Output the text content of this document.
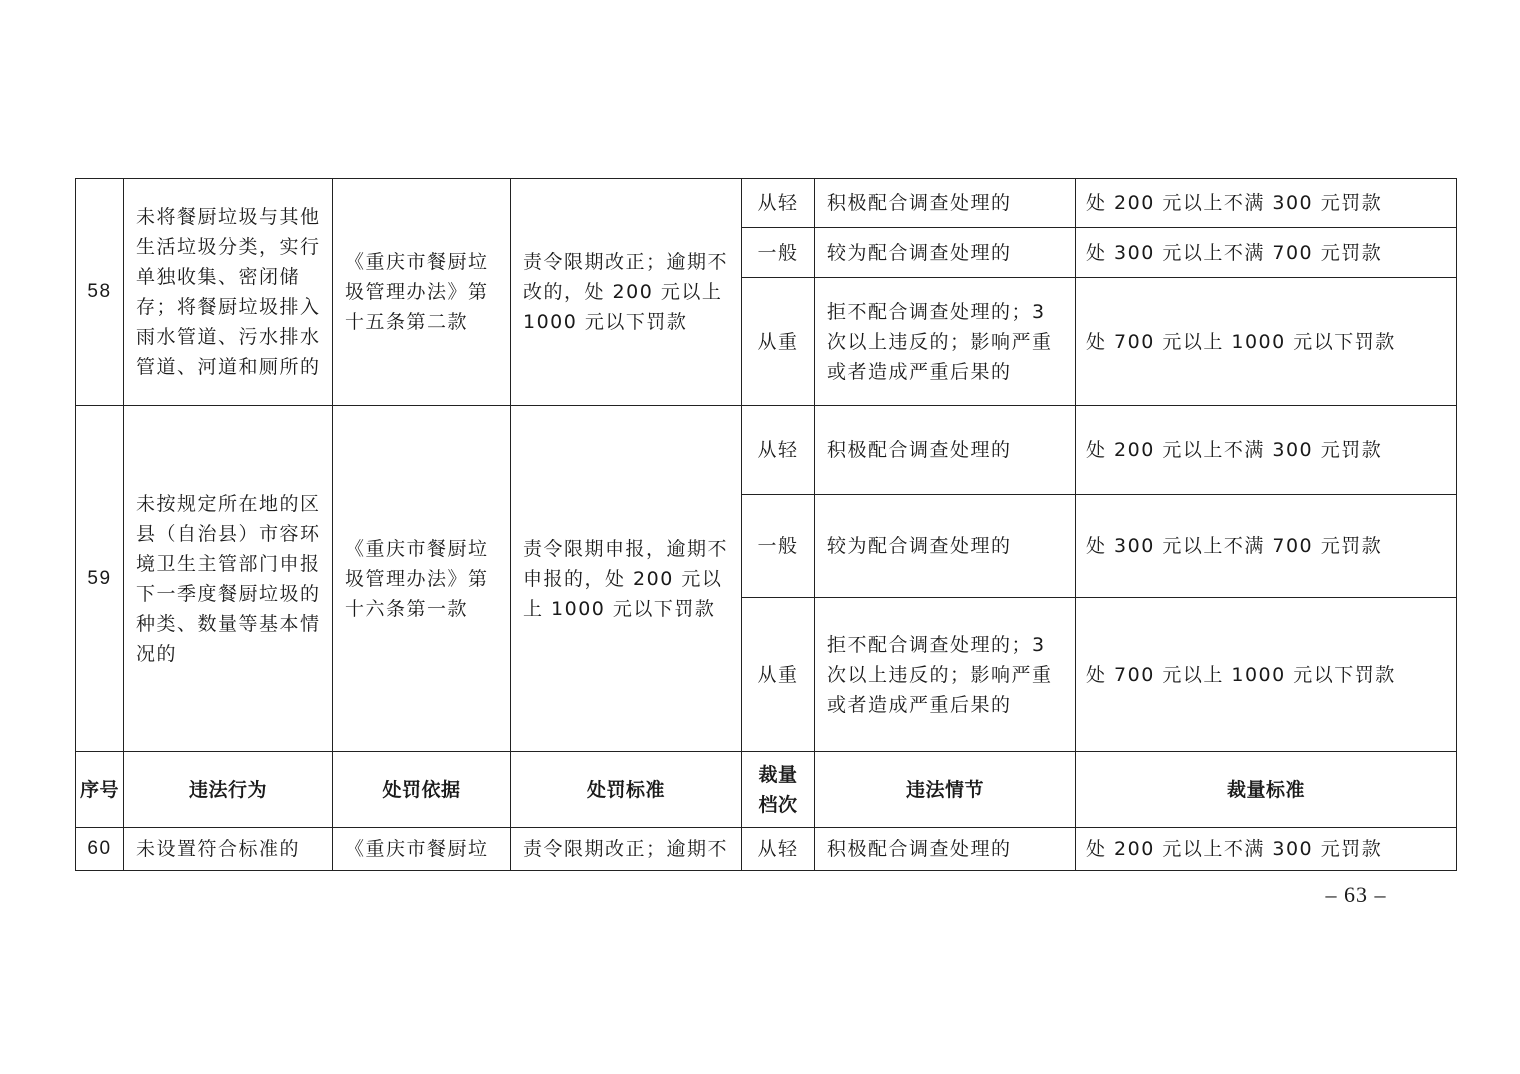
58	未将餐厨垃圾与其他生活垃圾分类，实行单独收集、密闭储存；将餐厨垃圾排入雨水管道、污水排水管道、河道和厕所的	《重庆市餐厨垃圾管理办法》第十五条第二款	责令限期改正；逾期不改的，处 200 元以上 1000 元以下罚款	从轻	积极配合调查处理的	处 200 元以上不满 300 元罚款
				一般	较为配合调查处理的	处 300 元以上不满 700 元罚款
				从重	拒不配合调查处理的；3 次以上违反的；影响严重或者造成严重后果的	处 700 元以上 1000 元以下罚款
59	未按规定所在地的区县（自治县）市容环境卫生主管部门申报下一季度餐厨垃圾的种类、数量等基本情况的	《重庆市餐厨垃圾管理办法》第十六条第一款	责令限期申报，逾期不申报的，处 200 元以上 1000 元以下罚款	从轻	积极配合调查处理的	处 200 元以上不满 300 元罚款
				一般	较为配合调查处理的	处 300 元以上不满 700 元罚款
				从重	拒不配合调查处理的；3 次以上违反的；影响严重或者造成严重后果的	处 700 元以上 1000 元以下罚款
序号	违法行为	处罚依据	处罚标准	裁量档次	违法情节	裁量标准
60	未设置符合标准的	《重庆市餐厨垃	责令限期改正；逾期不	从轻	积极配合调查处理的	处 200 元以上不满 300 元罚款
– 63 –
